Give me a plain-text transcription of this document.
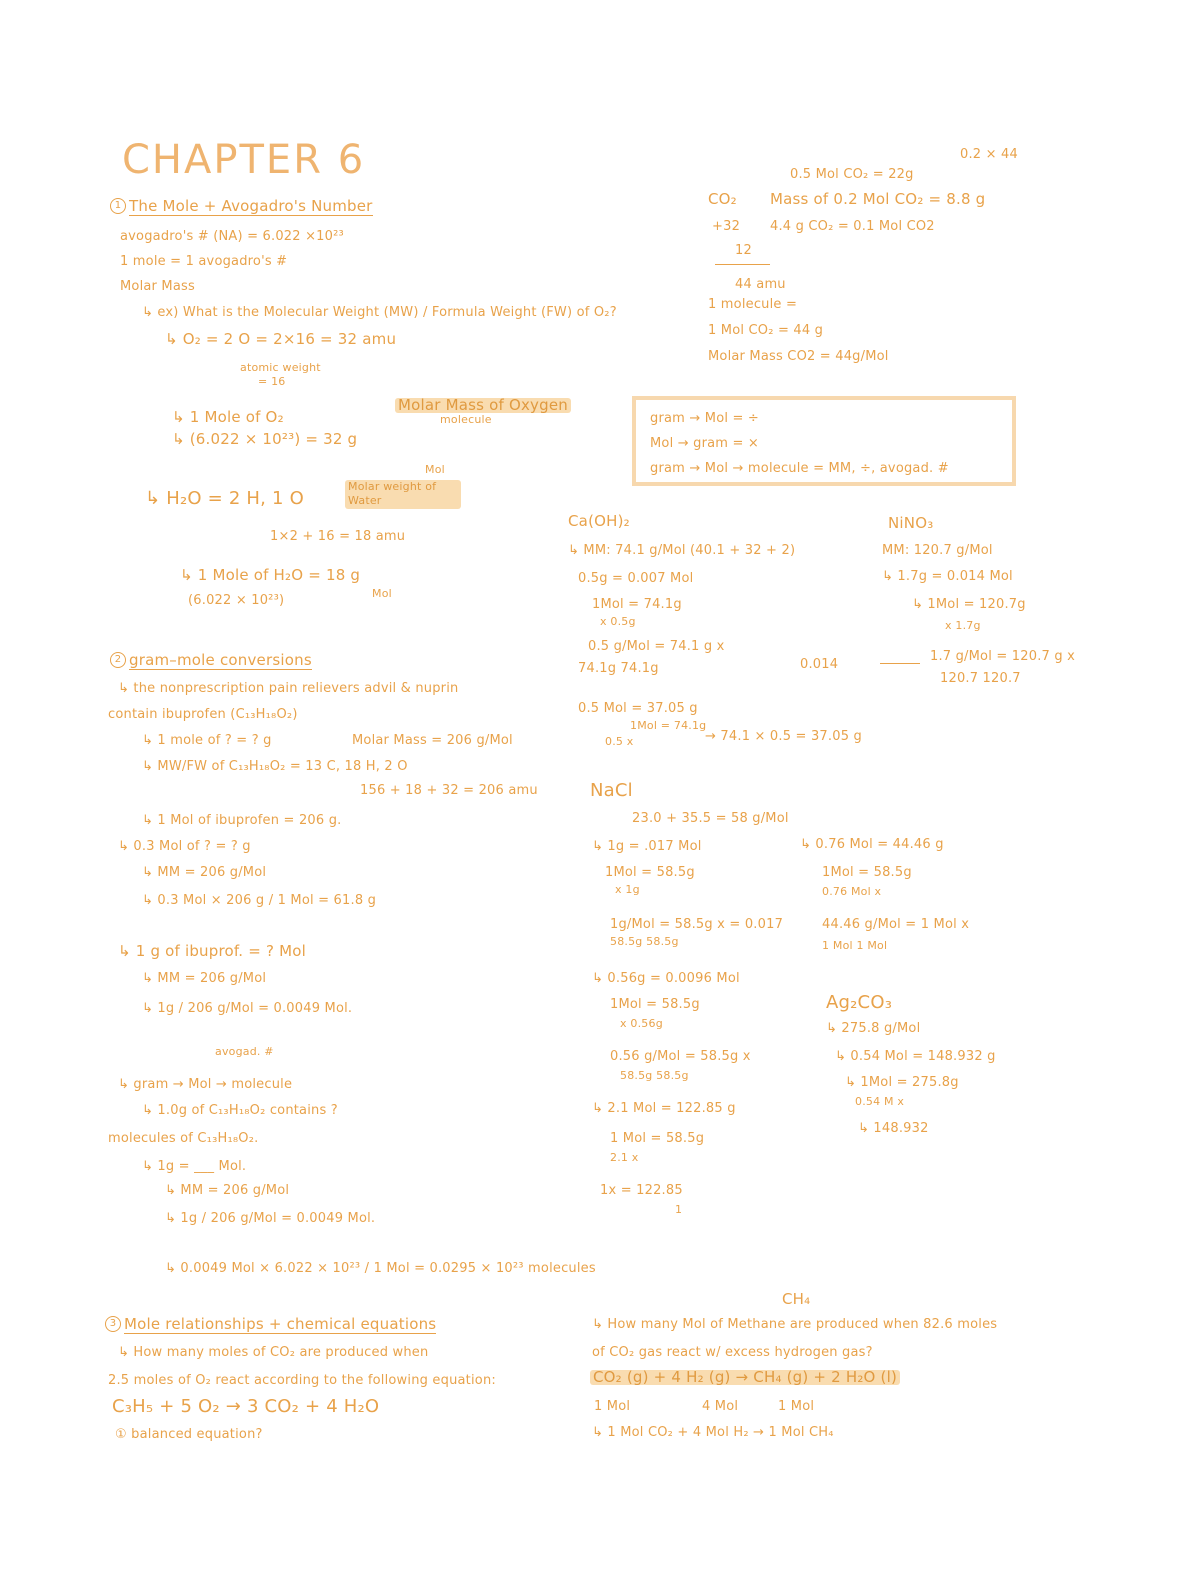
CHAPTER 6
1 The Mole + Avogadro's Number
avogadro's # (NA) = 6.022 ×10²³
1 mole = 1 avogadro's #
Molar Mass
↳ ex) What is the Molecular Weight (MW) / Formula Weight (FW) of O₂?
↳ O₂ = 2 O = 2×16 = 32 amu
atomic weight
= 16
↳ 1 Mole of O₂
↳ (6.022 × 10²³) = 32 g
Mol
Molar Mass of Oxygen
molecule
↳ H₂O = 2 H, 1 O
Molar weight of Water
1×2 + 16 = 18 amu
↳ 1 Mole of H₂O = 18 g
Mol
(6.022 × 10²³)
0.5 Mol CO₂ = 22g
0.2 × 44
CO₂ Mass of 0.2 Mol CO₂ = 8.8 g
+32 4.4 g CO₂ = 0.1 Mol CO2
12
44 amu
1 molecule =
1 Mol CO₂ = 44 g
Molar Mass CO2 = 44g/Mol
gram → Mol = ÷
Mol → gram = ×
gram → Mol → molecule = MM, ÷, avogad. #
Ca(OH)₂
↳ MM: 74.1 g/Mol (40.1 + 32 + 2)
0.5g = 0.007 Mol
1Mol = 74.1g
x 0.5g
0.5 g/Mol = 74.1 g x
74.1g 74.1g
0.5 Mol = 37.05 g
1Mol = 74.1g
0.5 x	→ 74.1 × 0.5 = 37.05 g
NiNO₃
MM: 120.7 g/Mol
↳ 1.7g = 0.014 Mol
↳ 1Mol = 120.7g
x 1.7g
0.014
1.7 g/Mol = 120.7 g x
120.7 120.7
2 gram–mole conversions
↳ the nonprescription pain relievers advil & nuprin
contain ibuprofen (C₁₃H₁₈O₂)
↳ 1 mole of ? = ? g	Molar Mass = 206 g/Mol
↳ MW/FW of C₁₃H₁₈O₂ = 13 C, 18 H, 2 O
156 + 18 + 32 = 206 amu
↳ 1 Mol of ibuprofen = 206 g.
↳ 0.3 Mol of ? = ? g
↳ MM = 206 g/Mol
↳ 0.3 Mol × 206 g / 1 Mol = 61.8 g
↳ 1 g of ibuprof. = ? Mol
↳ MM = 206 g/Mol
↳ 1g / 206 g/Mol = 0.0049 Mol.
avogad. #
↳ gram → Mol → molecule
↳ 1.0g of C₁₃H₁₈O₂ contains ?
molecules of C₁₃H₁₈O₂.
↳ 1g = ___ Mol.
↳ MM = 206 g/Mol
↳ 1g / 206 g/Mol = 0.0049 Mol.
↳ 0.0049 Mol × 6.022 × 10²³ / 1 Mol = 0.0295 × 10²³ molecules
NaCl
23.0 + 35.5 = 58 g/Mol
↳ 1g = .017 Mol
1Mol = 58.5g
x 1g
1g/Mol = 58.5g x = 0.017
58.5g 58.5g
↳ 0.56g = 0.0096 Mol
1Mol = 58.5g
x 0.56g
0.56 g/Mol = 58.5g x
58.5g 58.5g
↳ 2.1 Mol = 122.85 g
1 Mol = 58.5g
2.1 x
1x = 122.85
1
↳ 0.76 Mol = 44.46 g
1Mol = 58.5g
0.76 Mol x
44.46 g/Mol = 1 Mol x
1 Mol 1 Mol
Ag₂CO₃
↳ 275.8 g/Mol
↳ 0.54 Mol = 148.932 g
↳ 1Mol = 275.8g
0.54 M x
↳ 148.932
3 Mole relationships + chemical equations
↳ How many moles of CO₂ are produced when
2.5 moles of O₂ react according to the following equation:
C₃H₅ + 5 O₂ → 3 CO₂ + 4 H₂O
① balanced equation?
CH₄
↳ How many Mol of Methane are produced when 82.6 moles
of CO₂ gas react w/ excess hydrogen gas?
CO₂ (g) + 4 H₂ (g) → CH₄ (g) + 2 H₂O (l)
1 Mol	4 Mol	1 Mol
↳ 1 Mol CO₂ + 4 Mol H₂ → 1 Mol CH₄
